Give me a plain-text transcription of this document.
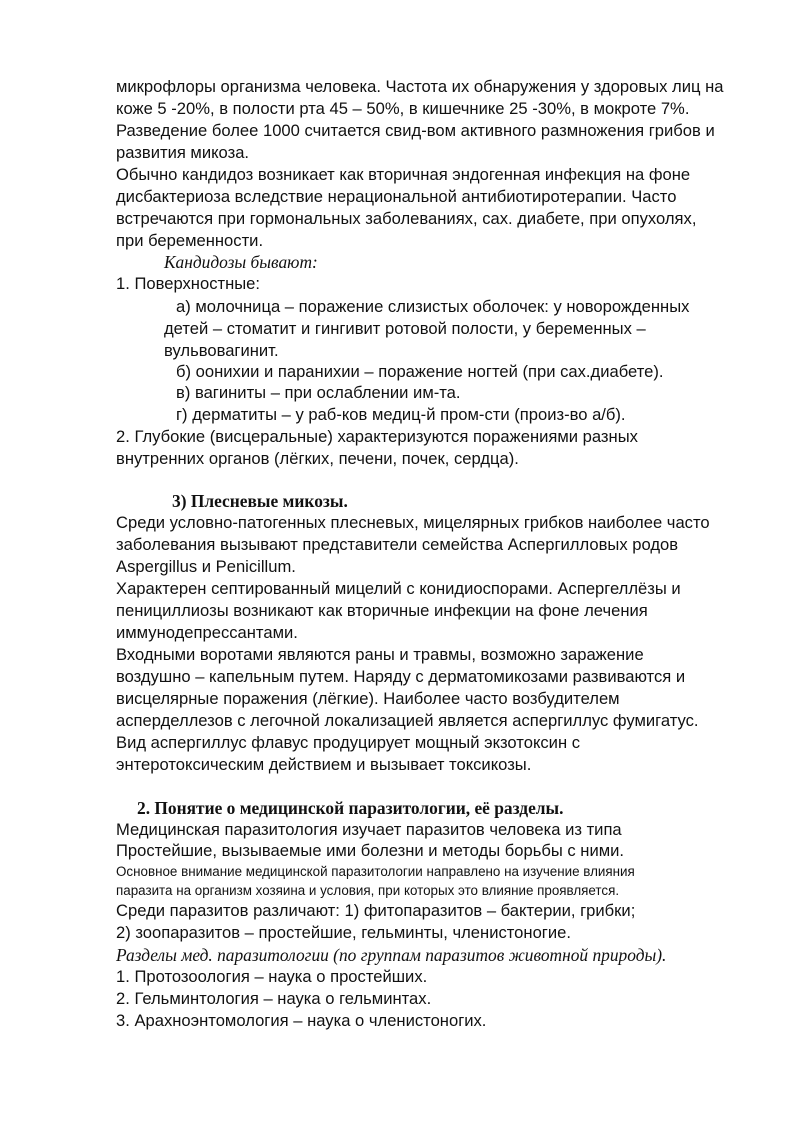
микрофлоры организма человека. Частота их обнаружения у здоровых лиц на
коже 5 -20%, в полости рта 45 – 50%, в кишечнике 25 -30%, в мокроте 7%.
Разведение более 1000 считается свид-вом активного размножения грибов и
развития микоза.
Обычно кандидоз возникает как вторичная эндогенная инфекция на фоне
дисбактериоза вследствие нерациональной антибиотиротерапии. Часто
встречаются при гормональных заболеваниях, сах. диабете, при опухолях,
при беременности.
Кандидозы бывают:
1. Поверхностные:
а) молочница – поражение слизистых оболочек: у новорожденных
детей – стоматит и гингивит ротовой полости, у беременных –
вульвовагинит.
б) оонихии и паранихии – поражение ногтей (при сах.диабете).
в) вагиниты – при ослаблении им-та.
г) дерматиты – у раб-ков медиц-й пром-сти (произ-во а/б).
2. Глубокие (висцеральные) характеризуются поражениями разных
внутренних органов (лёгких, печени, почек, сердца).
3) Плесневые микозы.
Среди условно-патогенных плесневых, мицелярных грибков наиболее часто
заболевания вызывают представители семейства Аспергилловых родов
Aspergillus и Penicillum.
Характерен септированный мицелий с конидиоспорами. Аспергеллёзы и
пенициллиозы возникают как вторичные инфекции на фоне лечения
иммунодепрессантами.
Входными воротами являются раны и травмы, возможно заражение
воздушно – капельным путем. Наряду с дерматомикозами развиваются и
висцелярные поражения (лёгкие). Наиболее часто возбудителем
асперделлезов с легочной локализацией является аспергиллус фумигатус.
Вид аспергиллус флавус продуцирует мощный экзотоксин с
энтеротоксическим действием и вызывает токсикозы.
2. Понятие о медицинской паразитологии, её разделы.
Медицинская паразитология изучает паразитов человека из типа
Простейшие, вызываемые ими болезни и методы борьбы с ними.
Основное внимание медицинской паразитологии направлено на изучение влияния
паразита на организм хозяина и условия, при которых это влияние проявляется.
Среди паразитов различают: 1) фитопаразитов – бактерии, грибки;
2) зоопаразитов – простейшие, гельминты, членистоногие.
Разделы мед. паразитологии (по группам паразитов животной природы).
1. Протозоология – наука о простейших.
2. Гельминтология – наука о гельминтах.
3. Арахноэнтомология – наука о членистоногих.
